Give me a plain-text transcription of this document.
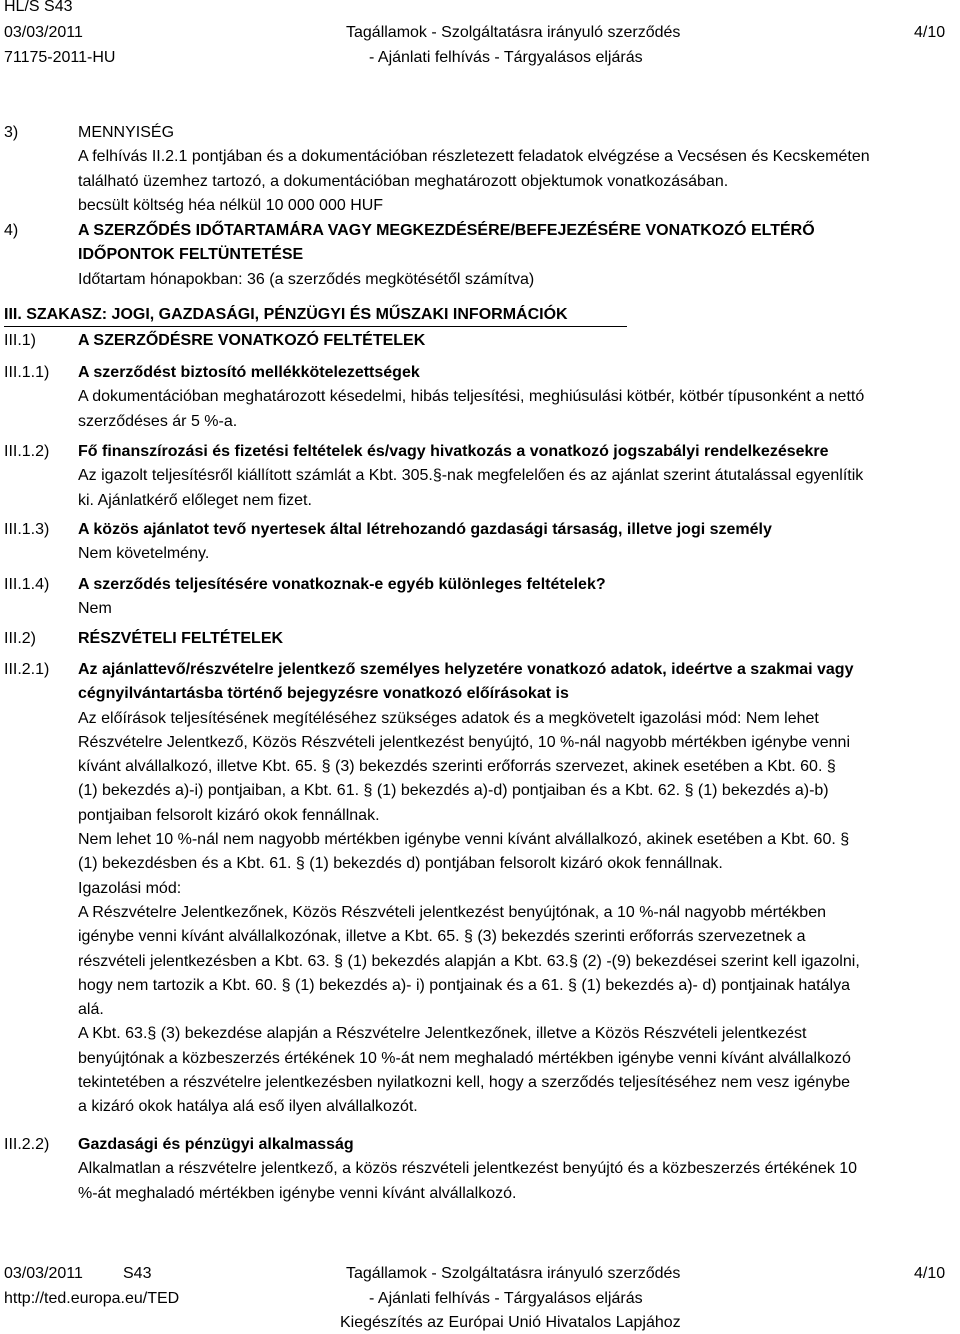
HL/S S43
03/03/2011
71175-2011-HU
Tagállamok - Szolgáltatásra irányuló szerződés
- Ajánlati felhívás - Tárgyalásos eljárás
4/10
3)	MENNYISÉG
A felhívás II.2.1 pontjában és a dokumentációban részletezett feladatok elvégzése a Vecsésen és Kecskeméten
található üzemhez tartozó, a dokumentációban meghatározott objektumok vonatkozásában.
becsült költség héa nélkül 10 000 000 HUF
4)	A SZERZŐDÉS IDŐTARTAMÁRA VAGY MEGKEZDÉSÉRE/BEFEJEZÉSÉRE VONATKOZÓ ELTÉRŐ
IDŐPONTOK FELTÜNTETÉSE
Időtartam hónapokban: 36 (a szerződés megkötésétől számítva)
III. SZAKASZ: JOGI, GAZDASÁGI, PÉNZÜGYI ÉS MŰSZAKI INFORMÁCIÓK
III.1)	A SZERZŐDÉSRE VONATKOZÓ FELTÉTELEK
III.1.1) A szerződést biztosító mellékkötelezettségek
A dokumentációban meghatározott késedelmi, hibás teljesítési, meghiúsulási kötbér, kötbér típusonként a nettó
szerződéses ár 5 %-a.
III.1.2) Fő finanszírozási és fizetési feltételek és/vagy hivatkozás a vonatkozó jogszabályi rendelkezésekre
Az igazolt teljesítésről kiállított számlát a Kbt. 305.§-nak megfelelően és az ajánlat szerint átutalással egyenlítik
ki. Ajánlatkérő előleget nem fizet.
III.1.3) A közös ajánlatot tevő nyertesek által létrehozandó gazdasági társaság, illetve jogi személy
Nem követelmény.
III.1.4) A szerződés teljesítésére vonatkoznak-e egyéb különleges feltételek?
Nem
III.2)	RÉSZVÉTELI FELTÉTELEK
III.2.1) Az ajánlattevő/részvételre jelentkező személyes helyzetére vonatkozó adatok, ideértve a szakmai vagy
cégnyilvántartásba történő bejegyzésre vonatkozó előírásokat is
Az előírások teljesítésének megítéléséhez szükséges adatok és a megkövetelt igazolási mód: Nem lehet
Részvételre Jelentkező, Közös Részvételi jelentkezést benyújtó, 10 %-nál nagyobb mértékben igénybe venni
kívánt alvállalkozó, illetve Kbt. 65. § (3) bekezdés szerinti erőforrás szervezet, akinek esetében a Kbt. 60. §
(1) bekezdés a)-i) pontjaiban, a Kbt. 61. § (1) bekezdés a)-d) pontjaiban és a Kbt. 62. § (1) bekezdés a)-b)
pontjaiban felsorolt kizáró okok fennállnak.
Nem lehet 10 %-nál nem nagyobb mértékben igénybe venni kívánt alvállalkozó, akinek esetében a Kbt. 60. §
(1) bekezdésben és a Kbt. 61. § (1) bekezdés d) pontjában felsorolt kizáró okok fennállnak.
Igazolási mód:
A Részvételre Jelentkezőnek, Közös Részvételi jelentkezést benyújtónak, a 10 %-nál nagyobb mértékben
igénybe venni kívánt alvállalkozónak, illetve a Kbt. 65. § (3) bekezdés szerinti erőforrás szervezetnek a
részvételi jelentkezésben a Kbt. 63. § (1) bekezdés alapján a Kbt. 63.§ (2) -(9) bekezdései szerint kell igazolni,
hogy nem tartozik a Kbt. 60. § (1) bekezdés a)- i) pontjainak és a 61. § (1) bekezdés a)- d) pontjainak hatálya
alá.
A Kbt. 63.§ (3) bekezdése alapján a Részvételre Jelentkezőnek, illetve a Közös Részvételi jelentkezést
benyújtónak a közbeszerzés értékének 10 %-át nem meghaladó mértékben igénybe venni kívánt alvállalkozó
tekintetében a részvételre jelentkezésben nyilatkozni kell, hogy a szerződés teljesítéséhez nem vesz igénybe
a kizáró okok hatálya alá eső ilyen alvállalkozót.
III.2.2) Gazdasági és pénzügyi alkalmasság
Alkalmatlan a részvételre jelentkező, a közös részvételi jelentkezést benyújtó és a közbeszerzés értékének 10
%-át meghaladó mértékben igénybe venni kívánt alvállalkozó.
03/03/2011	S43
http://ted.europa.eu/TED
Tagállamok - Szolgáltatásra irányuló szerződés
- Ajánlati felhívás - Tárgyalásos eljárás
Kiegészítés az Európai Unió Hivatalos Lapjához
4/10
